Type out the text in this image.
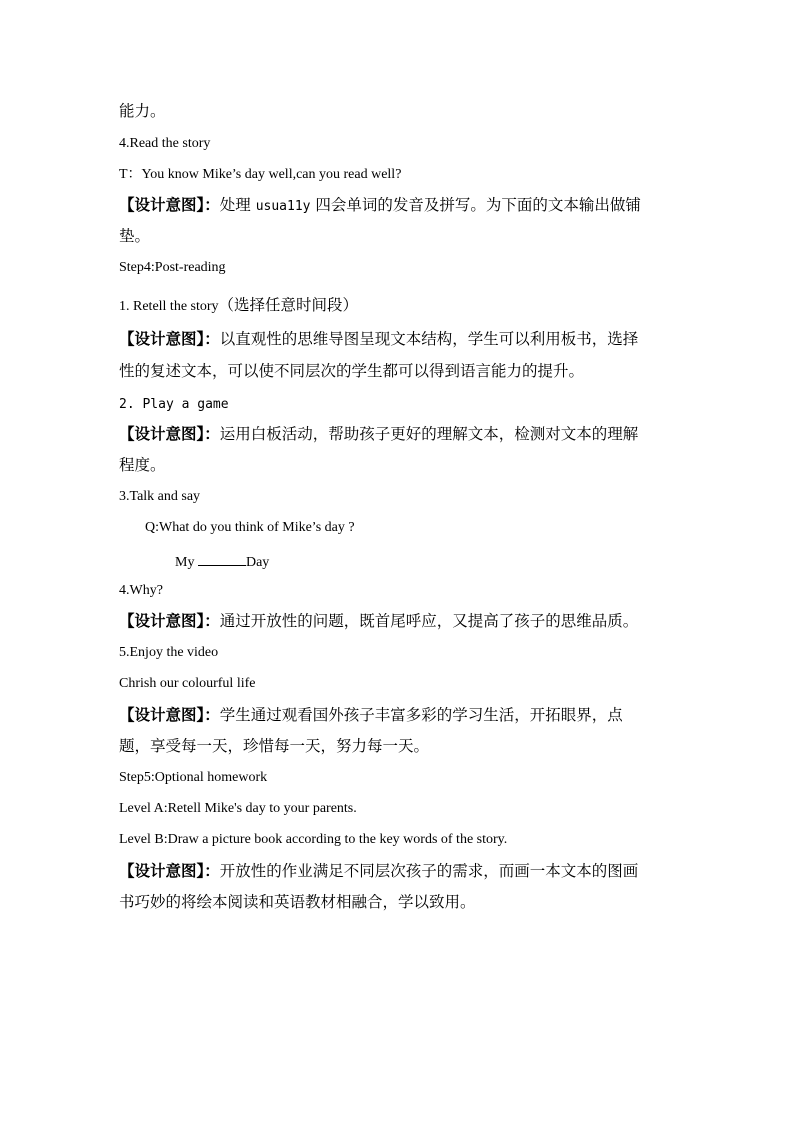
能力。
4.Read the story
T：You know Mike’s day well,can you read well?
【设计意图】：处理 usua11y 四会单词的发音及拼写。为下面的文本输出做铺
垫。
Step4:Post-reading
1. Retell the story（选择任意时间段）
【设计意图】：以直观性的思维导图呈现文本结构，学生可以利用板书，选择
性的复述文本，可以使不同层次的学生都可以得到语言能力的提升。
2. Play a game
【设计意图】：运用白板活动，帮助孩子更好的理解文本，检测对文本的理解
程度。
3.Talk and say
Q:What do you think of Mike’s day ?
My	Day
4.Why?
【设计意图】：通过开放性的问题，既首尾呼应，又提高了孩子的思维品质。
5.Enjoy the video
Chrish our colourful life
【设计意图】：学生通过观看国外孩子丰富多彩的学习生活，开拓眼界，点
题，享受每一天，珍惜每一天，努力每一天。
Step5:Optional homework
Level A:Retell Mike's day to your parents.
Level B:Draw a picture book according to the key words of the story.
【设计意图】：开放性的作业满足不同层次孩子的需求，而画一本文本的图画
书巧妙的将绘本阅读和英语教材相融合，学以致用。
